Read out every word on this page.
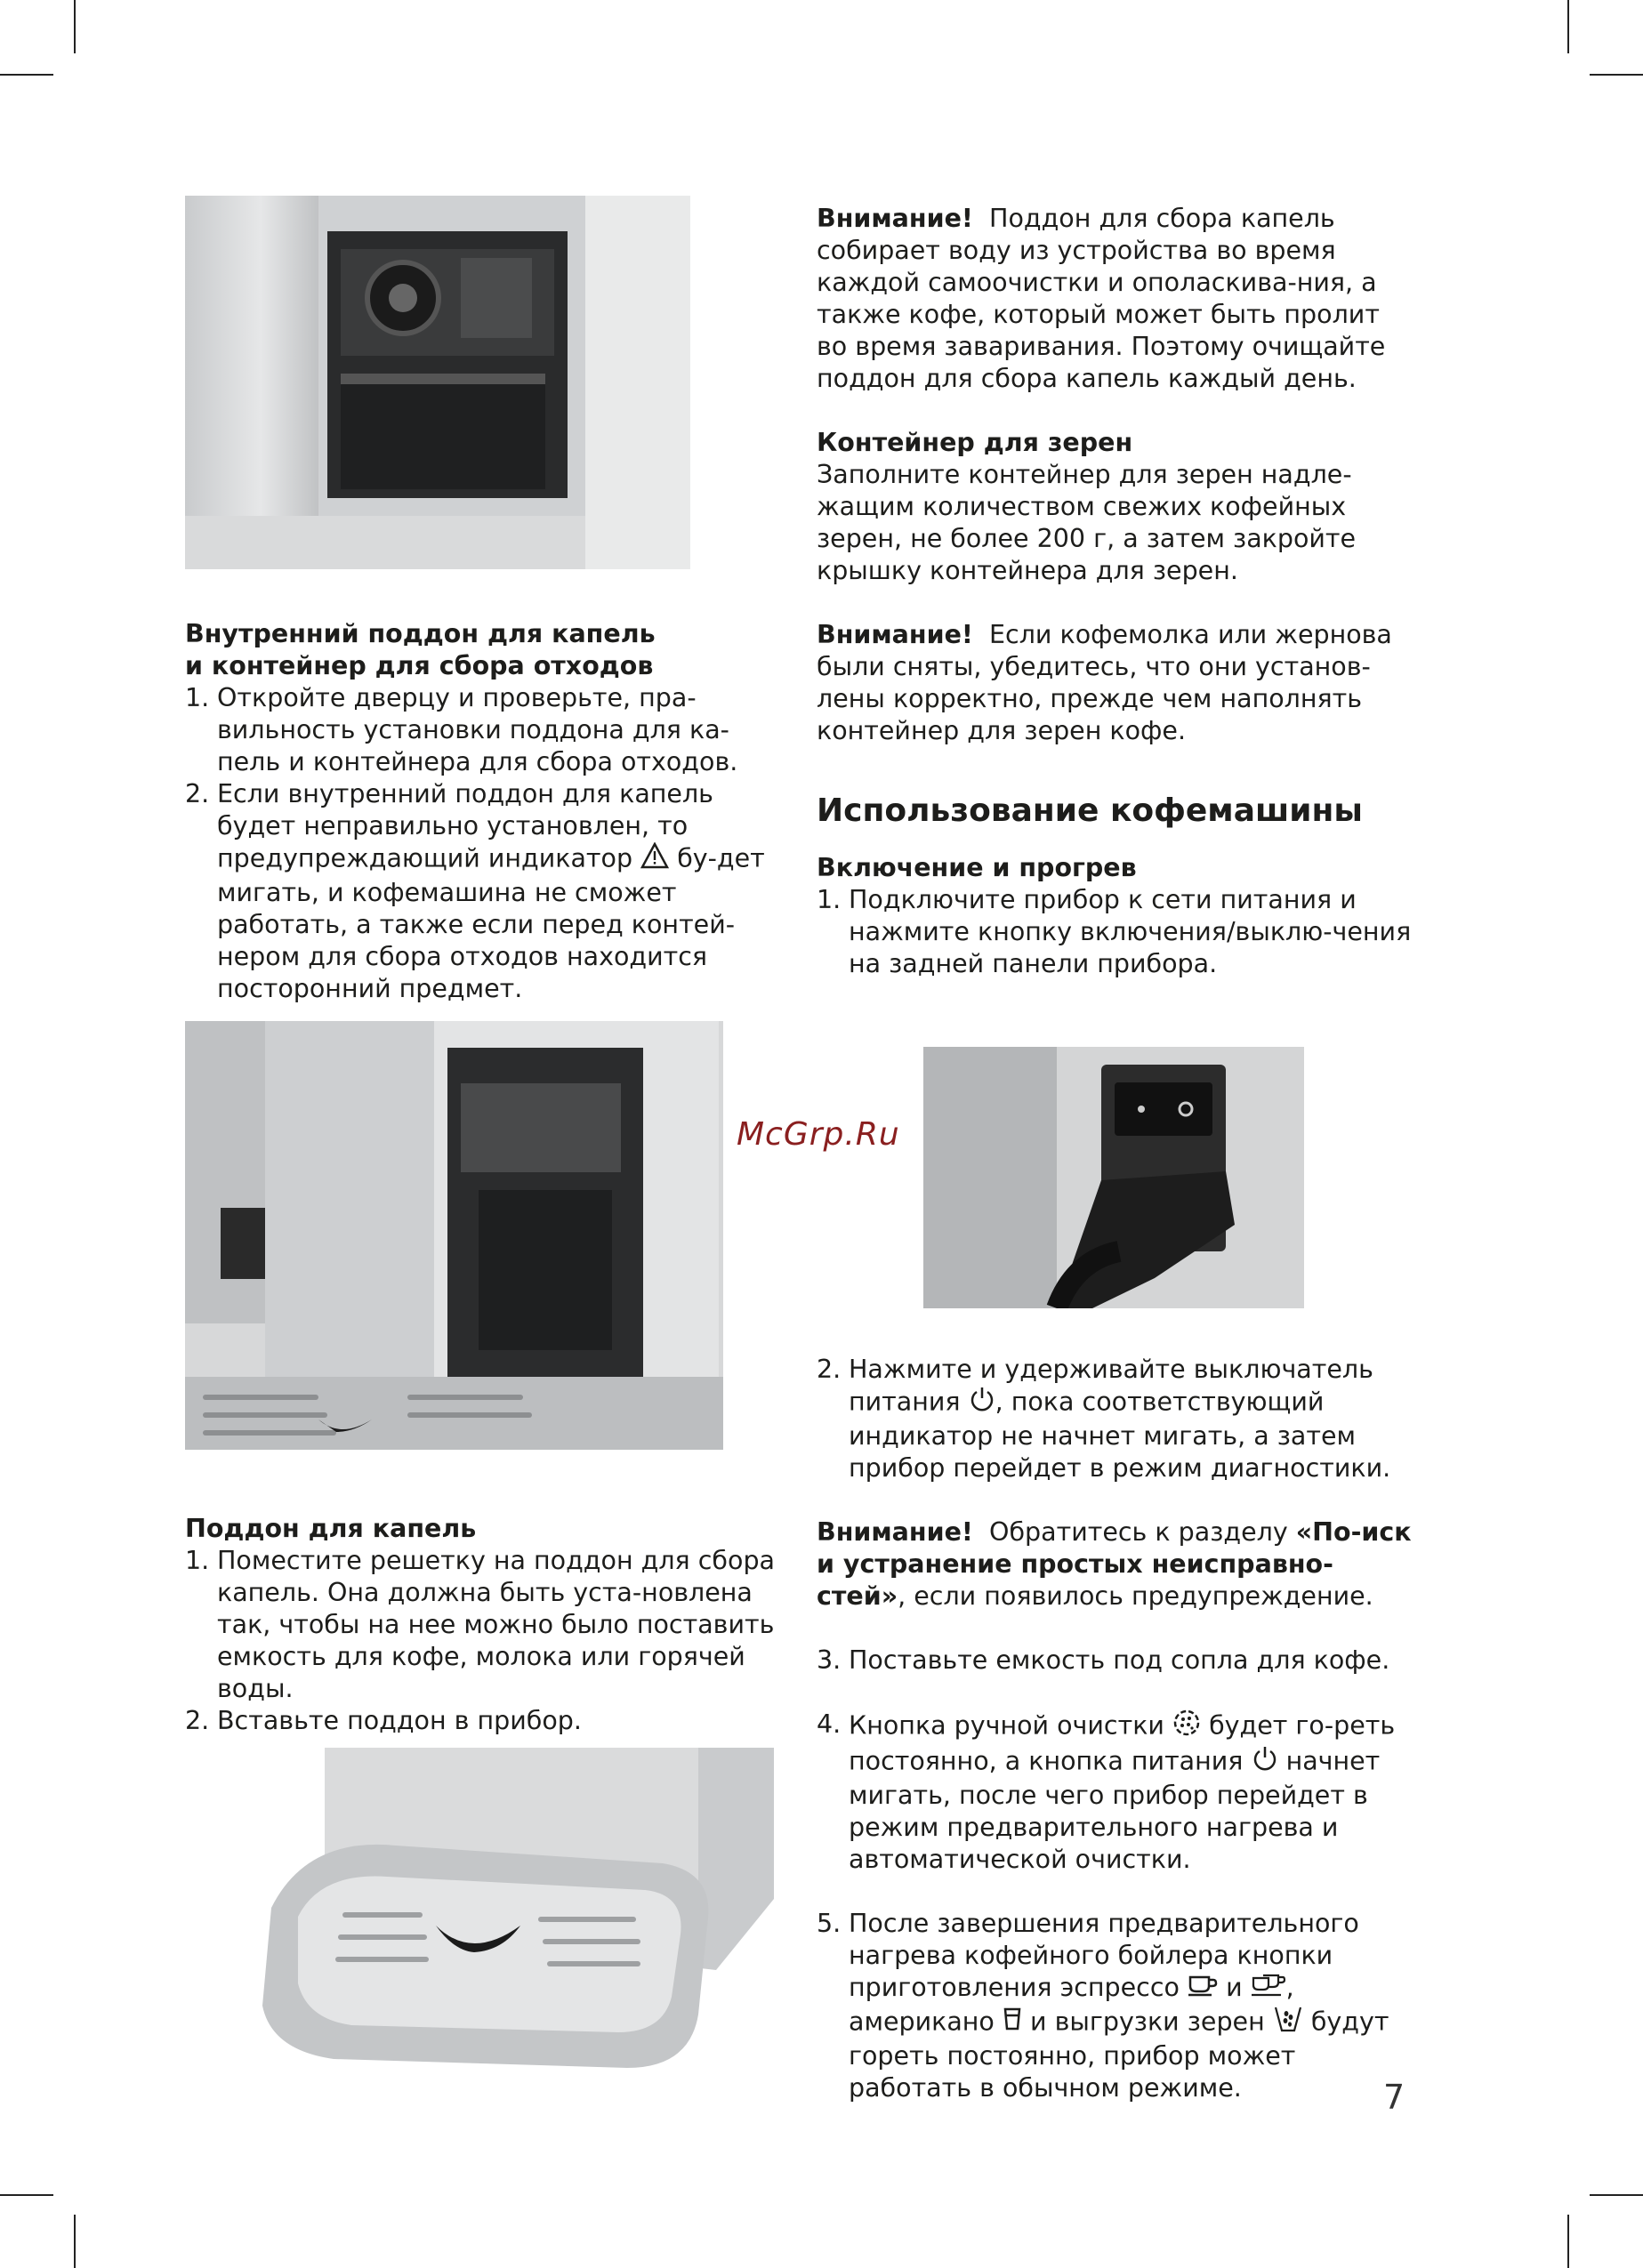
McGrp.Ru

Внутренний поддон для капель
и контейнер для сбора отходов

1. Откройте дверцу и проверьте, пра-вильность установки поддона для ка-пель и контейнера для сбора отходов.
2. Если внутренний поддон для капель будет неправильно установлен, то предупреждающий индикатор бу-дет мигать, и кофемашина не сможет работать, а также если перед контей-нером для сбора отходов находится посторонний предмет.

Поддон для капель

1. Поместите решетку на поддон для сбора капель. Она должна быть уста-новлена так, чтобы на нее можно было поставить емкость для кофе, молока или горячей воды.
2. Вставьте поддон в прибор.

Внимание! Поддон для сбора капель собирает воду из устройства во время каждой самоочистки и ополаскива-ния, а также кофе, который может быть пролит во время заваривания. Поэтому очищайте поддон для сбора капель каждый день.

Контейнер для зерен

Заполните контейнер для зерен надле-жащим количеством свежих кофейных зерен, не более 200 г, а затем закройте крышку контейнера для зерен.

Внимание! Если кофемолка или жернова были сняты, убедитесь, что они установ-лены корректно, прежде чем наполнять контейнер для зерен кофе.

Использование кофемашины

Включение и прогрев

1. Подключите прибор к сети питания и нажмите кнопку включения/выклю-чения на задней панели прибора.
2. Нажмите и удерживайте выключатель питания , пока соответствующий индикатор не начнет мигать, а затем прибор перейдет в режим диагностики.

Внимание! Обратитесь к разделу «По-иск и устранение простых неисправно-стей», если появилось предупреждение.

3. Поставьте емкость под сопла для кофе.
4. Кнопка ручной очистки будет го-реть постоянно, а кнопка питания начнет мигать, после чего прибор перейдет в режим предварительного нагрева и автоматической очистки.
5. После завершения предварительного нагрева кофейного бойлера кнопки приготовления эспрессо и , американо и выгрузки зерен будут гореть постоянно, прибор может работать в обычном режиме.	7
